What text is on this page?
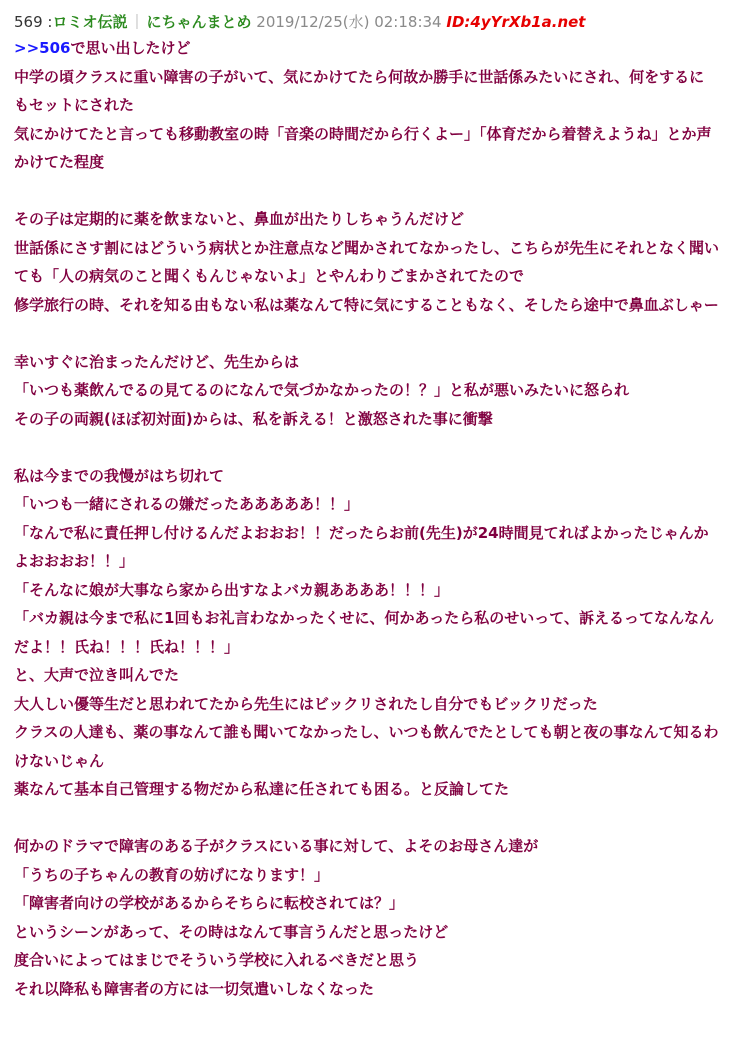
569 :ロミオ伝説 ｜ にちゃんまとめ 2019/12/25(水) 02:18:34 ID:4yYrXb1a.net
>>506で思い出したけど
中学の頃クラスに重い障害の子がいて、気にかけてたら何故か勝手に世話係みたいにされ、何をするにもセットにされた
気にかけてたと言っても移動教室の時「音楽の時間だから行くよー」「体育だから着替えようね」とか声かけてた程度
その子は定期的に薬を飲まないと、鼻血が出たりしちゃうんだけど
世話係にさす割にはどういう病状とか注意点など聞かされてなかったし、こちらが先生にそれとなく聞いても「人の病気のこと聞くもんじゃないよ」とやんわりごまかされてたので
修学旅行の時、それを知る由もない私は薬なんて特に気にすることもなく、そしたら途中で鼻血ぶしゃー
幸いすぐに治まったんだけど、先生からは
「いつも薬飲んでるの見てるのになんで気づかなかったの！？」と私が悪いみたいに怒られ
その子の両親(ほぼ初対面)からは、私を訴える！と激怒された事に衝撃
私は今までの我慢がはち切れて
「いつも一緒にされるの嫌だったあああああ！！」
「なんで私に責任押し付けるんだよおおお！！だったらお前(先生)が24時間見てればよかったじゃんかよおおおお！！」
「そんなに娘が大事なら家から出すなよバカ親ああああ！！！」
「バカ親は今まで私に1回もお礼言わなかったくせに、何かあったら私のせいって、訴えるってなんなんだよ！！氏ね！！！氏ね！！！」
と、大声で泣き叫んでた
大人しい優等生だと思われてたから先生にはビックリされたし自分でもビックリだった
クラスの人達も、薬の事なんて誰も聞いてなかったし、いつも飲んでたとしても朝と夜の事なんて知るわけないじゃん
薬なんて基本自己管理する物だから私達に任されても困る。と反論してた
何かのドラマで障害のある子がクラスにいる事に対して、よそのお母さん達が
「うちの子ちゃんの教育の妨げになります！」
「障害者向けの学校があるからそちらに転校されては？」
というシーンがあって、その時はなんて事言うんだと思ったけど
度合いによってはまじでそういう学校に入れるべきだと思う
それ以降私も障害者の方には一切気遣いしなくなった
